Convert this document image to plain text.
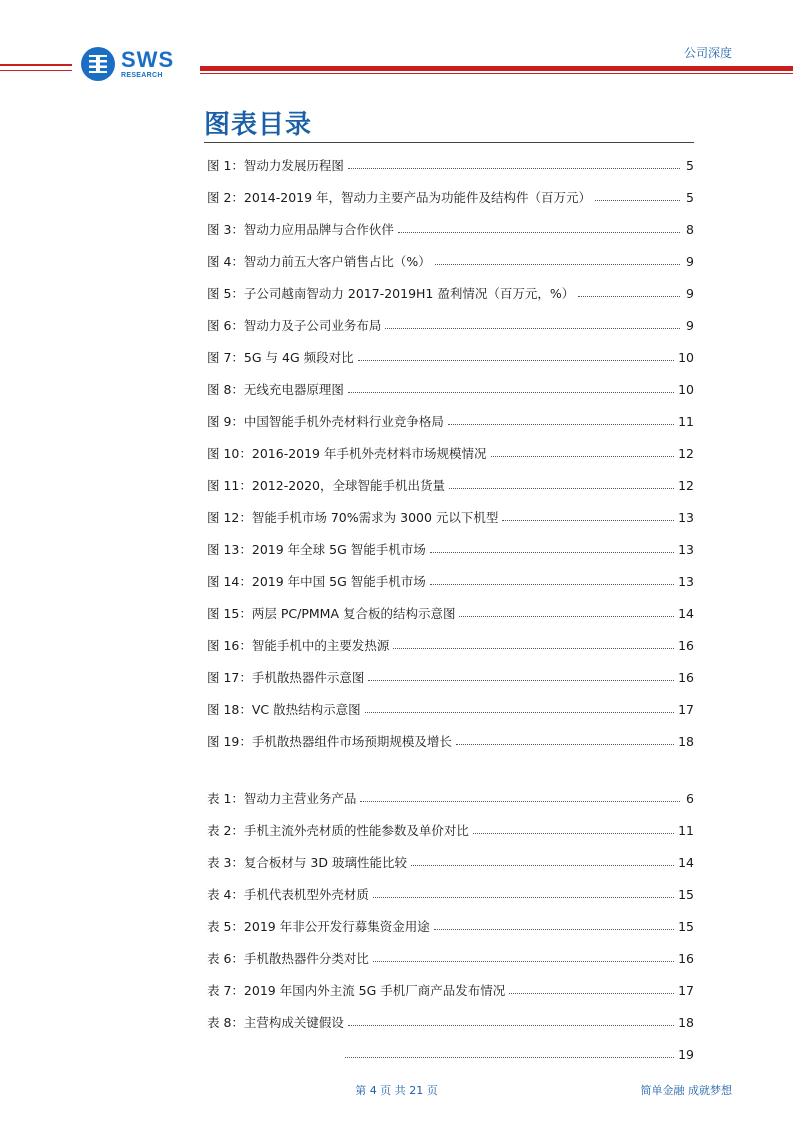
SWS
RESEARCH
公司深度
图表目录
图 1：智动力发展历程图	5
图 2：2014-2019 年，智动力主要产品为功能件及结构件（百万元）	5
图 3：智动力应用品牌与合作伙伴	8
图 4：智动力前五大客户销售占比（%）	9
图 5：子公司越南智动力 2017-2019H1 盈利情况（百万元，%）	9
图 6：智动力及子公司业务布局	9
图 7：5G 与 4G 频段对比	10
图 8：无线充电器原理图	10
图 9：中国智能手机外壳材料行业竞争格局	11
图 10：2016-2019 年手机外壳材料市场规模情况	12
图 11：2012-2020，全球智能手机出货量	12
图 12：智能手机市场 70%需求为 3000 元以下机型	13
图 13：2019 年全球 5G 智能手机市场	13
图 14：2019 年中国 5G 智能手机市场	13
图 15：两层 PC/PMMA 复合板的结构示意图	14
图 16：智能手机中的主要发热源	16
图 17：手机散热器件示意图	16
图 18：VC 散热结构示意图	17
图 19：手机散热器组件市场预期规模及增长	18
表 1：智动力主营业务产品	6
表 2：手机主流外壳材质的性能参数及单价对比	11
表 3：复合板材与 3D 玻璃性能比较	14
表 4：手机代表机型外壳材质	15
表 5：2019 年非公开发行募集资金用途	15
表 6：手机散热器件分类对比	16
表 7：2019 年国内外主流 5G 手机厂商产品发布情况	17
表 8：主营构成关键假设	18
19
第 4 页 共 21 页	简单金融 成就梦想
